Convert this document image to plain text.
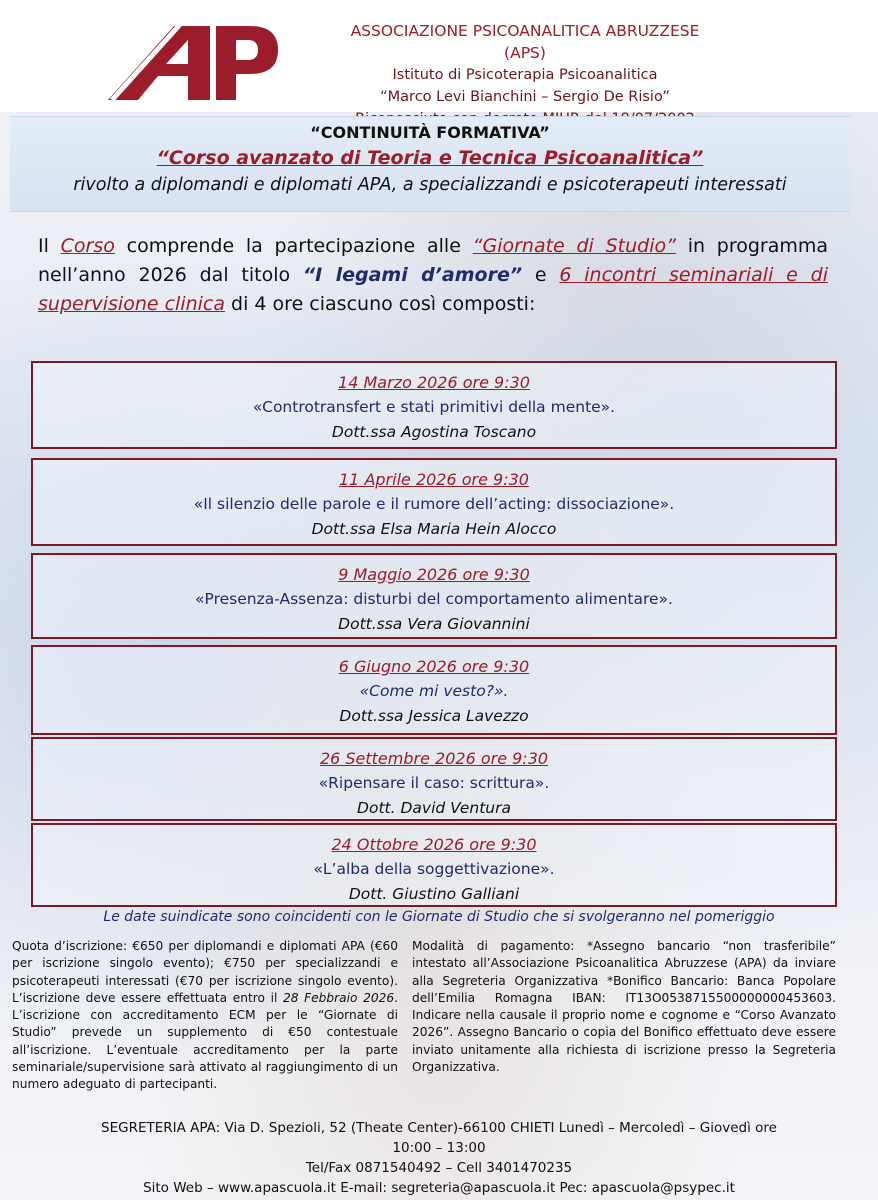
ASSOCIAZIONE PSICOANALITICA ABRUZZESE (APS)
Istituto di Psicoterapia Psicoanalitica
“Marco Levi Bianchini – Sergio De Risio”
“CONTINUITÀ FORMATIVA”
“Corso avanzato di Teoria e Tecnica Psicoanalitica”
rivolto a diplomandi e diplomati APA, a specializzandi e psicoterapeuti interessati
Il Corso comprende la partecipazione alle “Giornate di Studio” in programma nell’anno 2026 dal titolo “I legami d’amore” e 6 incontri seminariali e di supervisione clinica di 4 ore ciascuno così composti:
14 Marzo 2026 ore 9:30
«Controtransfert e stati primitivi della mente».
Dott.ssa Agostina Toscano
11 Aprile 2026 ore 9:30
«Il silenzio delle parole e il rumore dell’acting: dissociazione».
Dott.ssa Elsa Maria Hein Alocco
9 Maggio 2026 ore 9:30
«Presenza-Assenza: disturbi del comportamento alimentare».
Dott.ssa Vera Giovannini
6 Giugno 2026 ore 9:30
«Come mi vesto?».
Dott.ssa Jessica Lavezzo
26 Settembre 2026 ore 9:30
«Ripensare il caso: scrittura».
Dott. David Ventura
24 Ottobre 2026 ore 9:30
«L’alba della soggettivazione».
Dott. Giustino Galliani
Le date suindicate sono coincidenti con le Giornate di Studio che si svolgeranno nel pomeriggio
Quota d’iscrizione: €650 per diplomandi e diplomati APA (€60 per iscrizione singolo evento); €750 per specializzandi e psicoterapeuti interessati (€70 per iscrizione singolo evento). L’iscrizione deve essere effettuata entro il 28 Febbraio 2026. L’iscrizione con accreditamento ECM per le “Giornate di Studio” prevede un supplemento di €50 contestuale all’iscrizione. L’eventuale accreditamento per la parte seminariale/supervisione sarà attivato al raggiungimento di un numero adeguato di partecipanti.
Modalità di pagamento: *Assegno bancario “non trasferibile” intestato all’Associazione Psicoanalitica Abruzzese (APA) da inviare alla Segreteria Organizzativa *Bonifico Bancario: Banca Popolare dell’Emilia Romagna IBAN: IT13O0538715500000000453603. Indicare nella causale il proprio nome e cognome e “Corso Avanzato 2026”. Assegno Bancario o copia del Bonifico effettuato deve essere inviato unitamente alla richiesta di iscrizione presso la Segreteria Organizzativa.
SEGRETERIA APA: Via D. Spezioli, 52 (Theate Center)-66100 CHIETI Lunedì – Mercoledì – Giovedì ore
10:00 – 13:00
Tel/Fax 0871540492 – Cell 3401470235
Sito Web – www.apascuola.it E-mail: segreteria@apascuola.it Pec: apascuola@psypec.it
